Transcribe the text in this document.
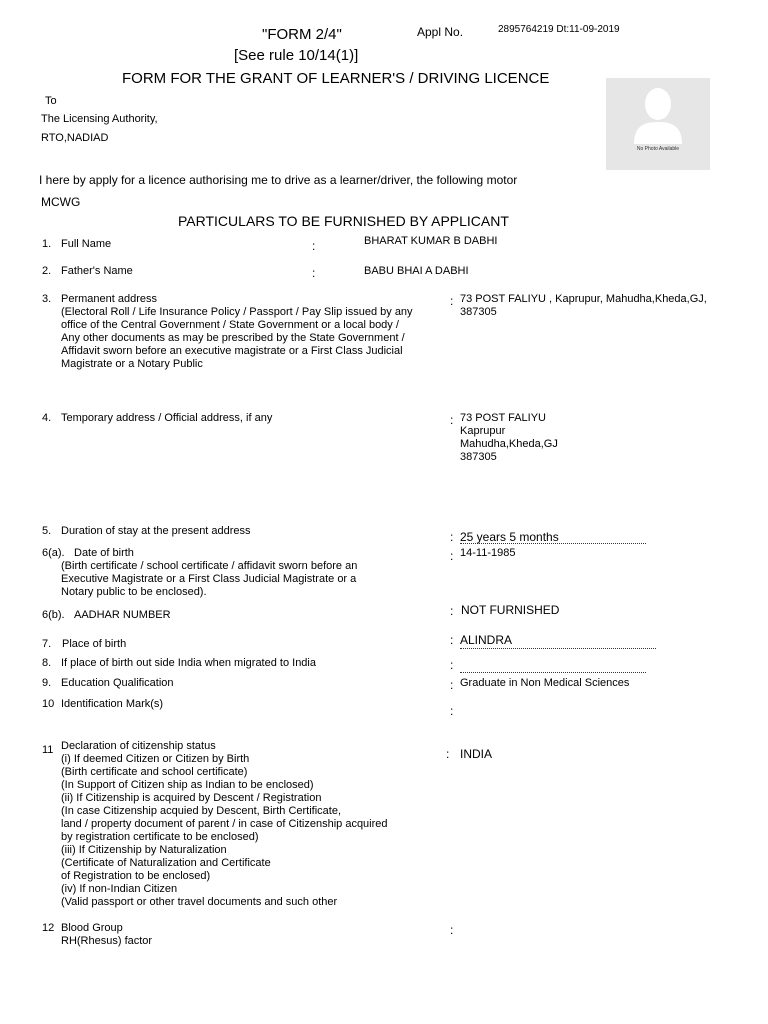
"FORM 2/4"	Appl No.	2895764219 Dt:11-09-2019
[See rule 10/14(1)]
FORM FOR THE GRANT OF LEARNER'S / DRIVING LICENCE
To
The Licensing Authority,
RTO,NADIAD
No Photo Available
I here by apply for a licence authorising me to drive as a learner/driver, the following motor
MCWG
PARTICULARS TO BE FURNISHED BY APPLICANT
1. Full Name	:	BHARAT KUMAR B DABHI
2. Father's Name	:	BABU BHAI A DABHI
3. Permanent address
(Electoral Roll / Life Insurance Policy / Passport / Pay Slip issued by any
office of the Central Government / State Government or a local body /
Any other documents as may be prescribed by the State Government /
Affidavit sworn before an executive magistrate or a First Class Judicial
Magistrate or a Notary Public
: 73 POST FALIYU , Kaprupur, Mahudha,Kheda,GJ,
387305
4. Temporary address / Official address, if any	: 73 POST FALIYU
Kaprupur
Mahudha,Kheda,GJ
387305
5. Duration of stay at the present address	: 25 years 5 months
6(a). Date of birth
(Birth certificate / school certificate / affidavit sworn before an
Executive Magistrate or a First Class Judicial Magistrate or a
Notary public to be enclosed).
: 14-11-1985
6(b). AADHAR NUMBER	: NOT FURNISHED
7. Place of birth	: ALINDRA
8. If place of birth out side India when migrated to India	:
9. Education Qualification	: Graduate in Non Medical Sciences
10 Identification Mark(s)	:
11 Declaration of citizenship status
(i) If deemed Citizen or Citizen by Birth
(Birth certificate and school certificate)
(In Support of Citizen ship as Indian to be enclosed)
(ii) If Citizenship is acquired by Descent / Registration
(In case Citizenship acquied by Descent, Birth Certificate,
land / property document of parent / in case of Citizenship acquired
by registration certificate to be enclosed)
(iii) If Citizenship by Naturalization
(Certificate of Naturalization and Certificate
of Registration to be enclosed)
(iv) If non-Indian Citizen
(Valid passport or other travel documents and such other
: INDIA
12 Blood Group
RH(Rhesus) factor
:
